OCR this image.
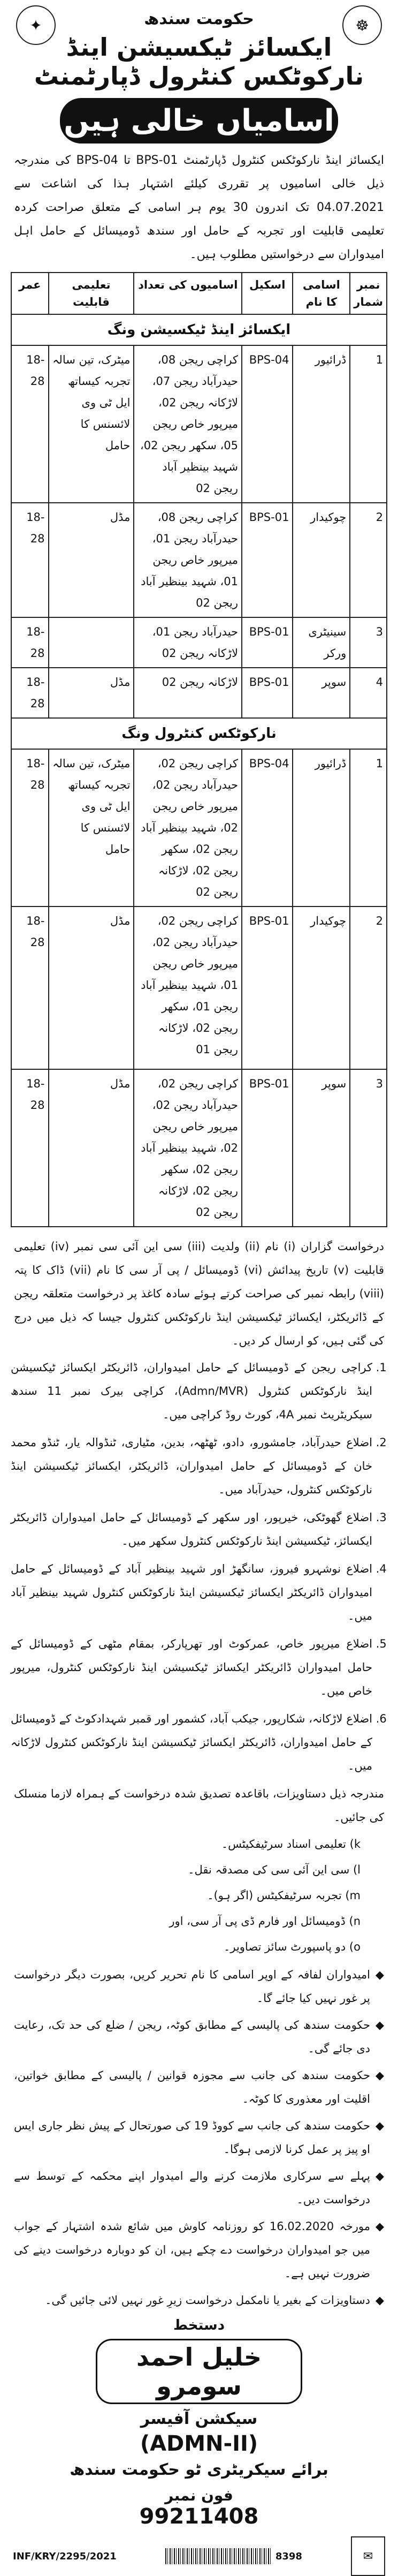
☸
✦	حکومت سندھ
ایکسائز ٹیکسیشن اینڈ نارکوٹکس کنٹرول ڈپارٹمنٹ
اسامیاں خالی ہیں
ایکسائز اینڈ نارکوٹکس کنٹرول ڈپارٹمنٹ BPS-01 تا BPS-04 کی مندرجہ ذیل خالی اسامیوں پر تقرری کیلئے اشتہار ہذا کی اشاعت سے 04.07.2021 تک اندرون 30 یوم ہر اسامی کے متعلق صراحت کردہ تعلیمی قابلیت اور تجربہ کے حامل اور سندھ ڈومیسائل کے حامل اہل امیدواران سے درخواستیں مطلوب ہیں۔
نمبر شمار	اسامی کا نام	اسکیل	اسامیوں کی تعداد	تعلیمی قابلیت	عمر
ایکسائز اینڈ ٹیکسیشن ونگ					
1	ڈرائیور	BPS-04	کراچی ریجن 08، حیدرآباد ریجن 07، لاڑکانہ ریجن 02، میرپور خاص ریجن 05، سکھر ریجن 02، شہید بینظیر آباد ریجن 02	میٹرک، تین سالہ تجربہ کیساتھ ایل ٹی وی لائسنس کا حامل	18-28
2	چوکیدار	BPS-01	کراچی ریجن 08، حیدرآباد ریجن 01، میرپور خاص ریجن 01، شہید بینظیر آباد ریجن 02	مڈل	18-28
3	سینیٹری ورکر	BPS-01	حیدرآباد ریجن 01، لاڑکانہ ریجن 02		18-28
4	سوپر	BPS-01	لاڑکانہ ریجن 02	مڈل	18-28
نارکوٹکس کنٹرول ونگ					
1	ڈرائیور	BPS-04	کراچی ریجن 02، حیدرآباد ریجن 02، میرپور خاص ریجن 02، شہید بینظیر آباد ریجن 02، سکھر ریجن 02، لاڑکانہ ریجن 02	میٹرک، تین سالہ تجربہ کیساتھ ایل ٹی وی لائسنس کا حامل	18-28
2	چوکیدار	BPS-01	کراچی ریجن 02، حیدرآباد ریجن 02، میرپور خاص ریجن 01، شہید بینظیر آباد ریجن 01، سکھر ریجن 02، لاڑکانہ ریجن 01	مڈل	18-28
3	سوپر	BPS-01	کراچی ریجن 02، حیدرآباد ریجن 02، میرپور خاص ریجن 02، شہید بینظیر آباد ریجن 02، سکھر ریجن 02، لاڑکانہ ریجن 02	مڈل	18-28
درخواست گزاران (i) نام (ii) ولدیت (iii) سی این آئی سی نمبر (iv) تعلیمی قابلیت (v) تاریخ پیدائش (vi) ڈومیسائل / پی آر سی کا نام (vii) ڈاک کا پتہ (viii) رابطہ نمبر کی صراحت کرتے ہوئے سادہ کاغذ پر درخواست متعلقہ ریجن کے ڈائریکٹر، ایکسائز ٹیکسیشن اینڈ نارکوٹکس کنٹرول جیسا کہ ذیل میں درج کی گئی ہیں، کو ارسال کر دیں۔
1. کراچی ریجن کے ڈومیسائل کے حامل امیدواران، ڈائریکٹر ایکسائز ٹیکسیشن اینڈ نارکوٹکس کنٹرول (Admn/MVR)، کراچی بیرک نمبر 11 سندھ سیکریٹریٹ نمبر 4A، کورٹ روڈ کراچی میں۔
2. اضلاع حیدرآباد، جامشورو، دادو، ٹھٹھہ، بدین، مٹیاری، ٹنڈوالہ یار، ٹنڈو محمد خان کے ڈومیسائل کے حامل امیدواران، ڈائریکٹر، ایکسائز ٹیکسیشن اینڈ نارکوٹکس کنٹرول، حیدرآباد میں۔
3. اضلاع گھوٹکی، خیرپور، اور سکھر کے ڈومیسائل کے حامل امیدواران ڈائریکٹر ایکسائز، ٹیکسیشن اینڈ نارکوٹکس کنٹرول سکھر میں۔
4. اضلاع نوشہرو فیروز، سانگھڑ اور شہید بینظیر آباد کے ڈومیسائل کے حامل امیدواران ڈائریکٹر ایکسائز ٹیکسیشن اینڈ نارکوٹکس کنٹرول شہید بینظیر آباد میں۔
5. اضلاع میرپور خاص، عمرکوٹ اور تھرپارکر، بمقام مٹھی کے ڈومیسائل کے حامل امیدواران ڈائریکٹر ایکسائز ٹیکسیشن اینڈ نارکوٹکس کنٹرول، میرپور خاص میں۔
6. اضلاع لاڑکانہ، شکارپور، جیکب آباد، کشمور اور قمبر شہدادکوٹ کے ڈومیسائل کے حامل امیدواران، ڈائریکٹر ایکسائز ٹیکسیشن اینڈ نارکوٹکس کنٹرول لاڑکانہ میں۔
مندرجہ ذیل دستاویزات، باقاعدہ تصدیق شدہ درخواست کے ہمراہ لازما منسلک کی جائیں۔
k) تعلیمی اسناد سرٹیفکیٹس۔
l) سی این آئی سی کی مصدقہ نقل۔
m) تجربہ سرٹیفکیٹس (اگر ہو)۔
n) ڈومیسائل اور فارم ڈی پی آر سی، اور
o) دو پاسپورٹ سائز تصاویر۔
◆
امیدواران لفافہ کے اوپر اسامی کا نام تحریر کریں، بصورت دیگر درخواست پر غور نہیں کیا جائے گا۔
◆
حکومت سندھ کی پالیسی کے مطابق کوٹہ، ریجن / ضلع کی حد تک، رعایت دی جائے گی۔
◆
حکومت سندھ کی جانب سے مجوزہ قوانین / پالیسی کے مطابق خواتین، اقلیت اور معذوری کا کوٹہ۔
◆
حکومت سندھ کی جانب سے کووڈ 19 کی صورتحال کے پیش نظر جاری ایس او پیز پر عمل کرنا لازمی ہوگا۔
◆
پہلے سے سرکاری ملازمت کرنے والے امیدوار اپنے محکمہ کے توسط سے درخواست دیں۔
◆
مورخہ 16.02.2020 کو روزنامہ کاوش میں شائع شدہ اشتہار کے جواب میں جو امیدواران درخواست دے چکے ہیں، ان کو دوبارہ درخواست دینے کی ضرورت نہیں ہے۔
◆
دستاویزات کے بغیر یا نامکمل درخواست زیرِ غور نہیں لائی جائیں گی۔
دستخط
خلیل احمد سومرو
سیکشن آفیسر
(ADMN-II)
برائے سیکریٹری ٹو حکومت سندھ
فون نمبر
99211408
INF/KRY/2295/2021	8398	✉
